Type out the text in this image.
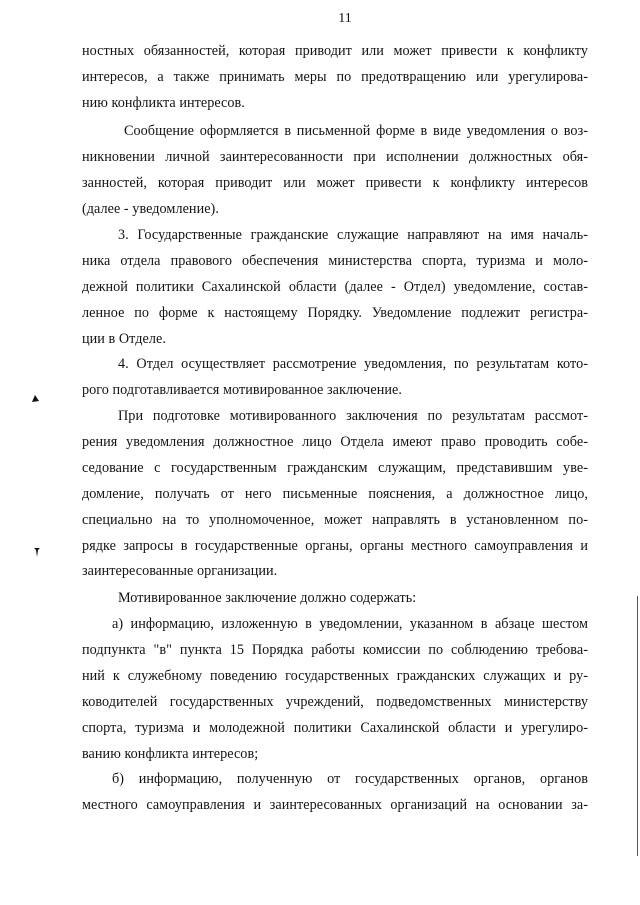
11
ностных обязанностей, которая приводит или может привести к конфликту
интересов, а также принимать меры по предотвращению или урегулирова-
нию конфликта интересов.
Сообщение оформляется в письменной форме в виде уведомления о воз-
никновении личной заинтересованности при исполнении должностных обя-
занностей, которая приводит или может привести к конфликту интересов
(далее - уведомление).
3. Государственные гражданские служащие направляют на имя началь-
ника отдела правового обеспечения министерства спорта, туризма и моло-
дежной политики Сахалинской области (далее - Отдел) уведомление, состав-
ленное по форме к настоящему Порядку. Уведомление подлежит регистра-
ции в Отделе.
4. Отдел осуществляет рассмотрение уведомления, по результатам кото-
рого подготавливается мотивированное заключение.
При подготовке мотивированного заключения по результатам рассмот-
рения уведомления должностное лицо Отдела имеют право проводить собе-
седование с государственным гражданским служащим, представившим уве-
домление, получать от него письменные пояснения, а должностное лицо,
специально на то уполномоченное, может направлять в установленном по-
рядке запросы в государственные органы, органы местного самоуправления и
заинтересованные организации.
Мотивированное заключение должно содержать:
а) информацию, изложенную в уведомлении, указанном в абзаце шестом
подпункта "в" пункта 15 Порядка работы комиссии по соблюдению требова-
ний к служебному поведению государственных гражданских служащих и ру-
ководителей государственных учреждений, подведомственных министерству
спорта, туризма и молодежной политики Сахалинской области и урегулиро-
ванию конфликта интересов;
б) информацию, полученную от государственных органов, органов
местного самоуправления и заинтересованных организаций на основании за-
